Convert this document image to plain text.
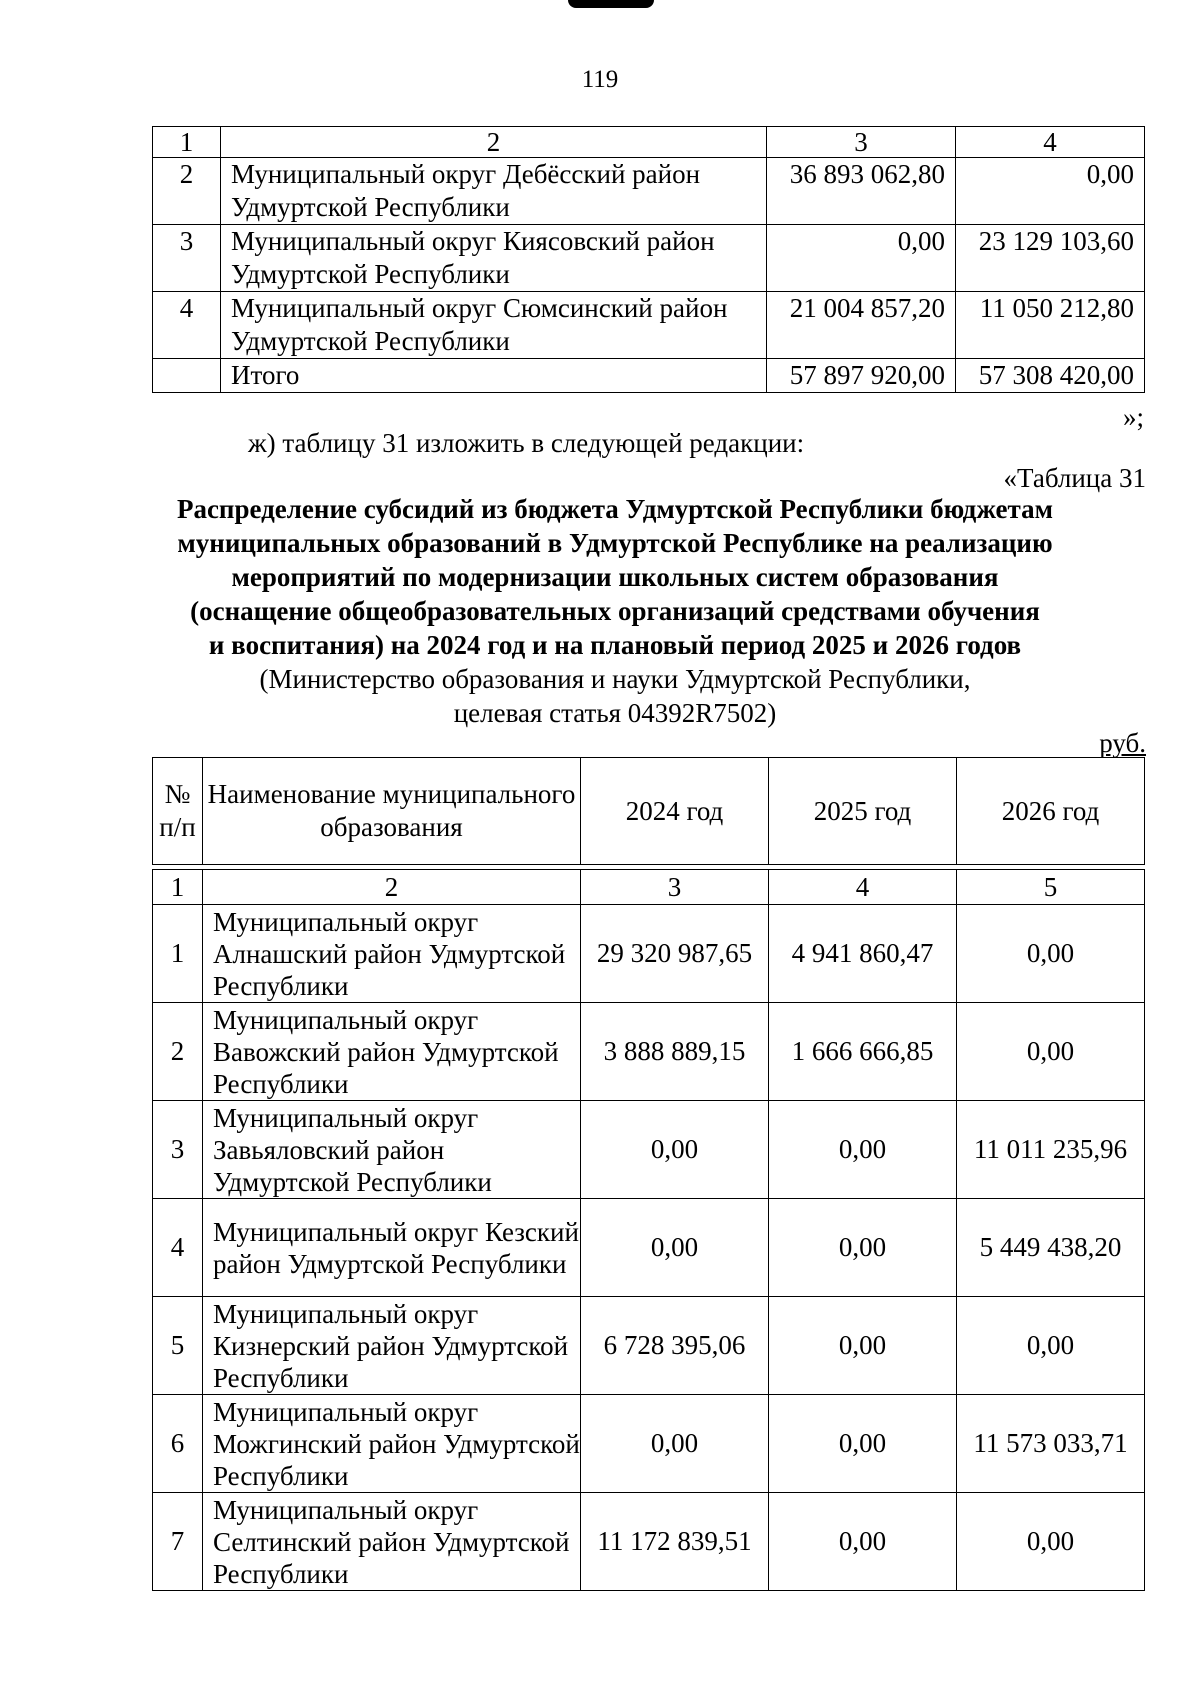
119
1	2	3	4
2	Муниципальный округ Дебёсский район Удмуртской Республики	36 893 062,80	0,00
3	Муниципальный округ Киясовский район Удмуртской Республики	0,00	23 129 103,60
4	Муниципальный округ Сюмсинский район Удмуртской Республики	21 004 857,20	11 050 212,80
	Итого	57 897 920,00	57 308 420,00
»;
ж) таблицу 31 изложить в следующей редакции:
«Таблица 31

Распределение субсидий из бюджета Удмуртской Республики бюджетам

муниципальных образований в Удмуртской Республике на реализацию

мероприятий по модернизации школьных систем образования

(оснащение общеобразовательных организаций средствами обучения

и воспитания) на 2024 год и на плановый период 2025 и 2026 годов

(Министерство образования и науки Удмуртской Республики,

целевая статья 04392R7502)

руб.
№ п/п	Наименование муниципального образования	2024 год	2025 год	2026 год

1	2	3	4	5
1	Муниципальный округ Алнашский район Удмуртской Республики	29 320 987,65	4 941 860,47	0,00
2	Муниципальный округ Вавожский район Удмуртской Республики	3 888 889,15	1 666 666,85	0,00
3	Муниципальный округ Завьяловский район Удмуртской Республики	0,00	0,00	11 011 235,96
4	Муниципальный округ Кезский район Удмуртской Республики	0,00	0,00	5 449 438,20
5	Муниципальный округ Кизнерский район Удмуртской Республики	6 728 395,06	0,00	0,00
6	Муниципальный округ Можгинский район Удмуртской Республики	0,00	0,00	11 573 033,71
7	Муниципальный округ Селтинский район Удмуртской Республики	11 172 839,51	0,00	0,00
